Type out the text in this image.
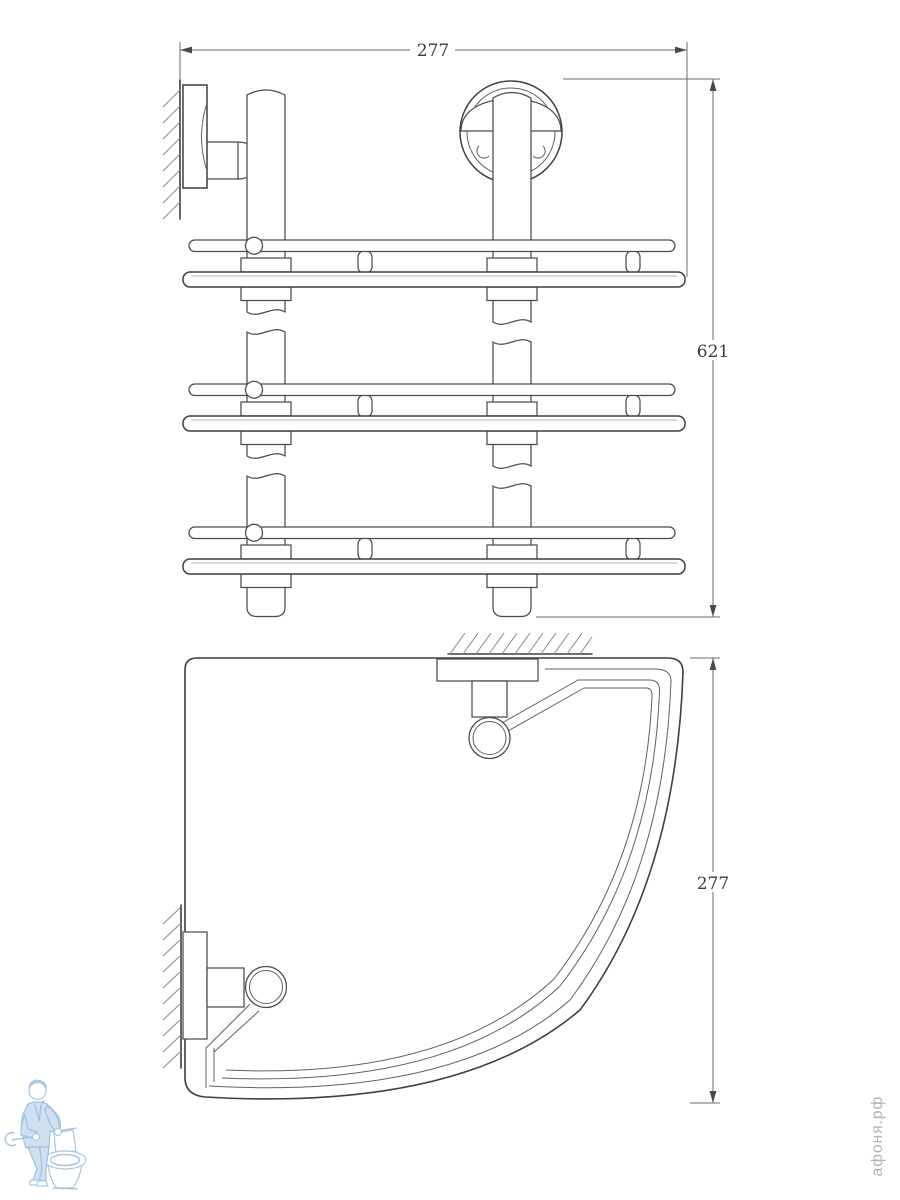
277
621
277
афоня.рф
